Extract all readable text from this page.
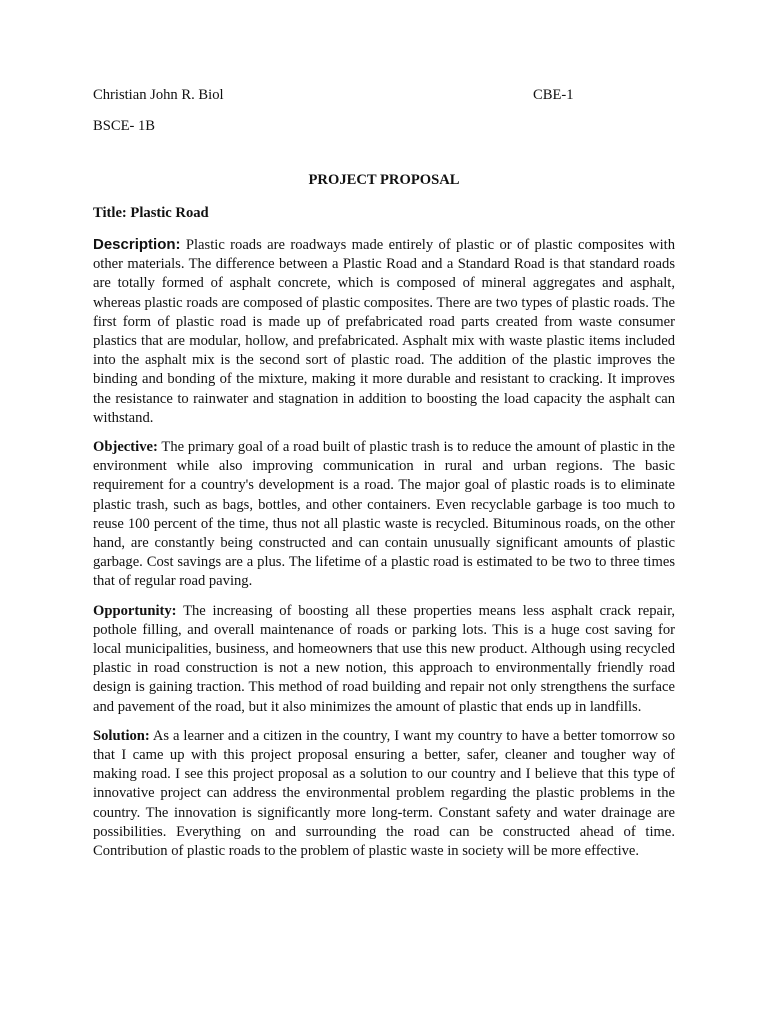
Christian John R. Biol	CBE-1
BSCE- 1B
PROJECT PROPOSAL
Title: Plastic Road

Description: Plastic roads are roadways made entirely of plastic or of plastic composites with other materials. The difference between a Plastic Road and a Standard Road is that standard roads are totally formed of asphalt concrete, which is composed of mineral aggregates and asphalt, whereas plastic roads are composed of plastic composites. There are two types of plastic roads. The first form of plastic road is made up of prefabricated road parts created from waste consumer plastics that are modular, hollow, and prefabricated. Asphalt mix with waste plastic items included into the asphalt mix is the second sort of plastic road. The addition of the plastic improves the binding and bonding of the mixture, making it more durable and resistant to cracking. It improves the resistance to rainwater and stagnation in addition to boosting the load capacity the asphalt can withstand.

Objective: The primary goal of a road built of plastic trash is to reduce the amount of plastic in the environment while also improving communication in rural and urban regions. The basic requirement for a country's development is a road. The major goal of plastic roads is to eliminate plastic trash, such as bags, bottles, and other containers. Even recyclable garbage is too much to reuse 100 percent of the time, thus not all plastic waste is recycled. Bituminous roads, on the other hand, are constantly being constructed and can contain unusually significant amounts of plastic garbage. Cost savings are a plus. The lifetime of a plastic road is estimated to be two to three times that of regular road paving.

Opportunity: The increasing of boosting all these properties means less asphalt crack repair, pothole filling, and overall maintenance of roads or parking lots. This is a huge cost saving for local municipalities, business, and homeowners that use this new product. Although using recycled plastic in road construction is not a new notion, this approach to environmentally friendly road design is gaining traction. This method of road building and repair not only strengthens the surface and pavement of the road, but it also minimizes the amount of plastic that ends up in landfills.

Solution: As a learner and a citizen in the country, I want my country to have a better tomorrow so that I came up with this project proposal ensuring a better, safer, cleaner and tougher way of making road. I see this project proposal as a solution to our country and I believe that this type of innovative project can address the environmental problem regarding the plastic problems in the country. The innovation is significantly more long-term. Constant safety and water drainage are possibilities. Everything on and surrounding the road can be constructed ahead of time. Contribution of plastic roads to the problem of plastic waste in society will be more effective.
